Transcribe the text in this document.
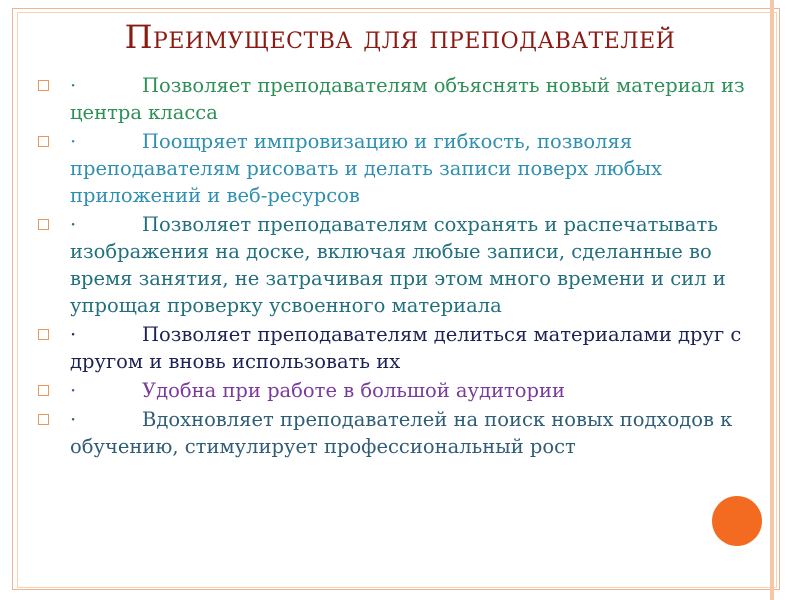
Преимущества для преподавателей
·	Позволяет преподавателям объяснять новый материал из центра класса
·	Поощряет импровизацию и гибкость, позволяя преподавателям рисовать и делать записи поверх любых приложений и веб-ресурсов
·	Позволяет преподавателям сохранять и распечатывать изображения на доске, включая любые записи, сделанные во время занятия, не затрачивая при этом много времени и сил и упрощая проверку усвоенного материала
·	Позволяет преподавателям делиться материалами друг с другом и вновь использовать их
·	Удобна при работе в большой аудитории
·	Вдохновляет преподавателей на поиск новых подходов к обучению, стимулирует профессиональный рост
